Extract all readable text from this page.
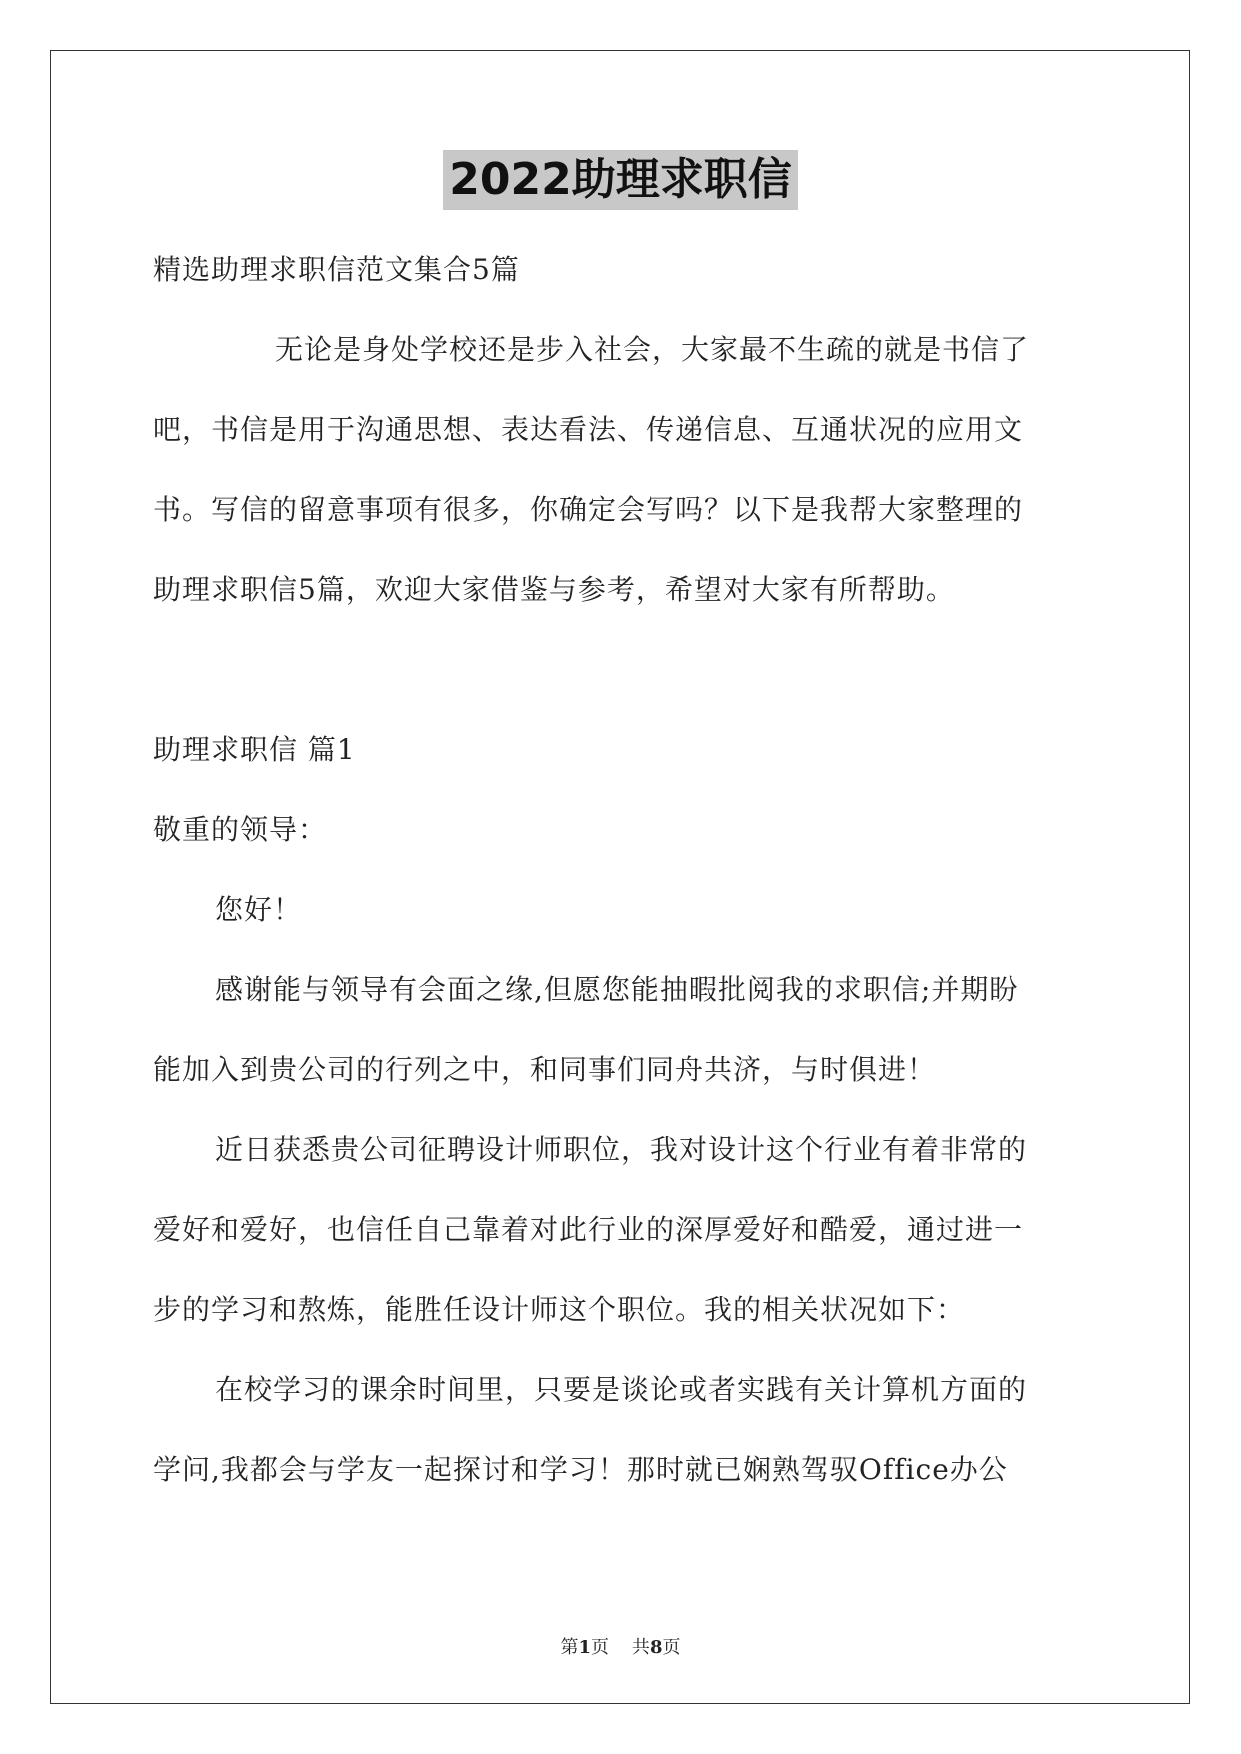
2022助理求职信

精选助理求职信范文集合5篇

无论是身处学校还是步入社会，大家最不生疏的就是书信了

吧，书信是用于沟通思想、表达看法、传递信息、互通状况的应用文

书。写信的留意事项有很多，你确定会写吗？以下是我帮大家整理的

助理求职信5篇，欢迎大家借鉴与参考，希望对大家有所帮助。

助理求职信 篇1

敬重的领导：

您好！

感谢能与领导有会面之缘,但愿您能抽暇批阅我的求职信;并期盼

能加入到贵公司的行列之中，和同事们同舟共济，与时俱进！

近日获悉贵公司征聘设计师职位，我对设计这个行业有着非常的

爱好和爱好，也信任自己靠着对此行业的深厚爱好和酷爱，通过进一

步的学习和熬炼，能胜任设计师这个职位。我的相关状况如下：

在校学习的课余时间里，只要是谈论或者实践有关计算机方面的

学问,我都会与学友一起探讨和学习！那时就已娴熟驾驭Office办公

第1页    共8页
